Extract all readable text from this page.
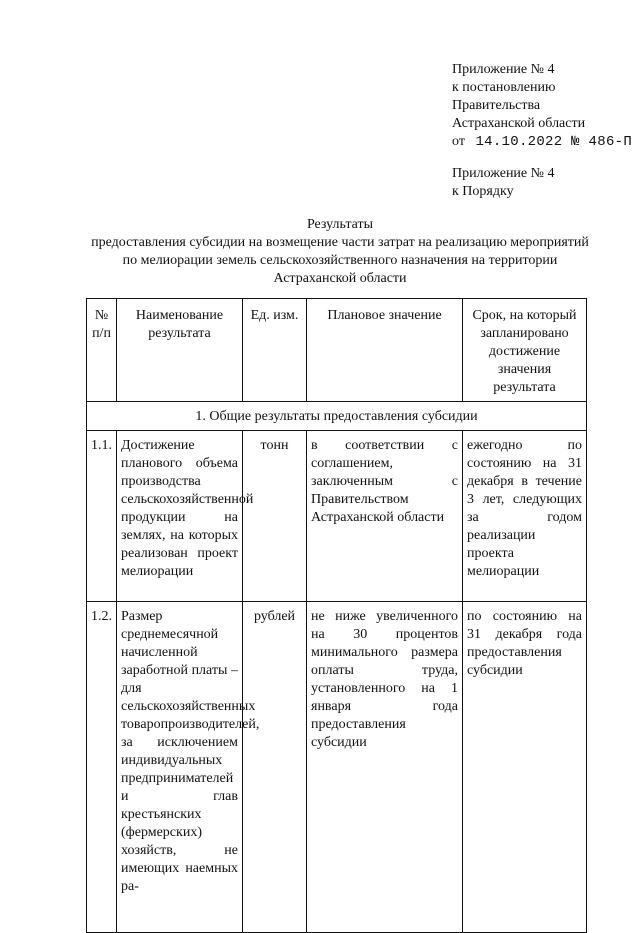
Приложение № 4
к постановлению
Правительства
Астраханской области
от 14.10.2022 № 486-П
Приложение № 4
к Порядку
Результаты
предоставления субсидии на возмещение части затрат на реализацию мероприятий по мелиорации земель сельскохозяйственного назначения на территории Астраханской области
№ п/п	Наименование результата	Ед. изм.	Плановое значение	Срок, на который запланировано достижение значения результата
1. Общие результаты предоставления субсидии				
1.1.	Достижение планового объема производства сельскохозяйственной продукции на землях, на которых реализован проект мелиорации	тонн	в соответствии с соглашением, заключенным с Правительством Астраханской области	ежегодно по состоянию на 31 декабря в течение 3 лет, следующих за годом реализации проекта мелиорации
1.2.	Размер среднемесячной начисленной заработной платы – для сельскохозяйственных товаропроизводителей, за исключением индивидуальных предпринимателей и глав крестьянских (фермерских) хозяйств, не имеющих наемных ра-	рублей	не ниже увеличенного на 30 процентов минимального размера оплаты труда, установленного на 1 января года предоставления субсидии	по состоянию на 31 декабря года предоставления субсидии
